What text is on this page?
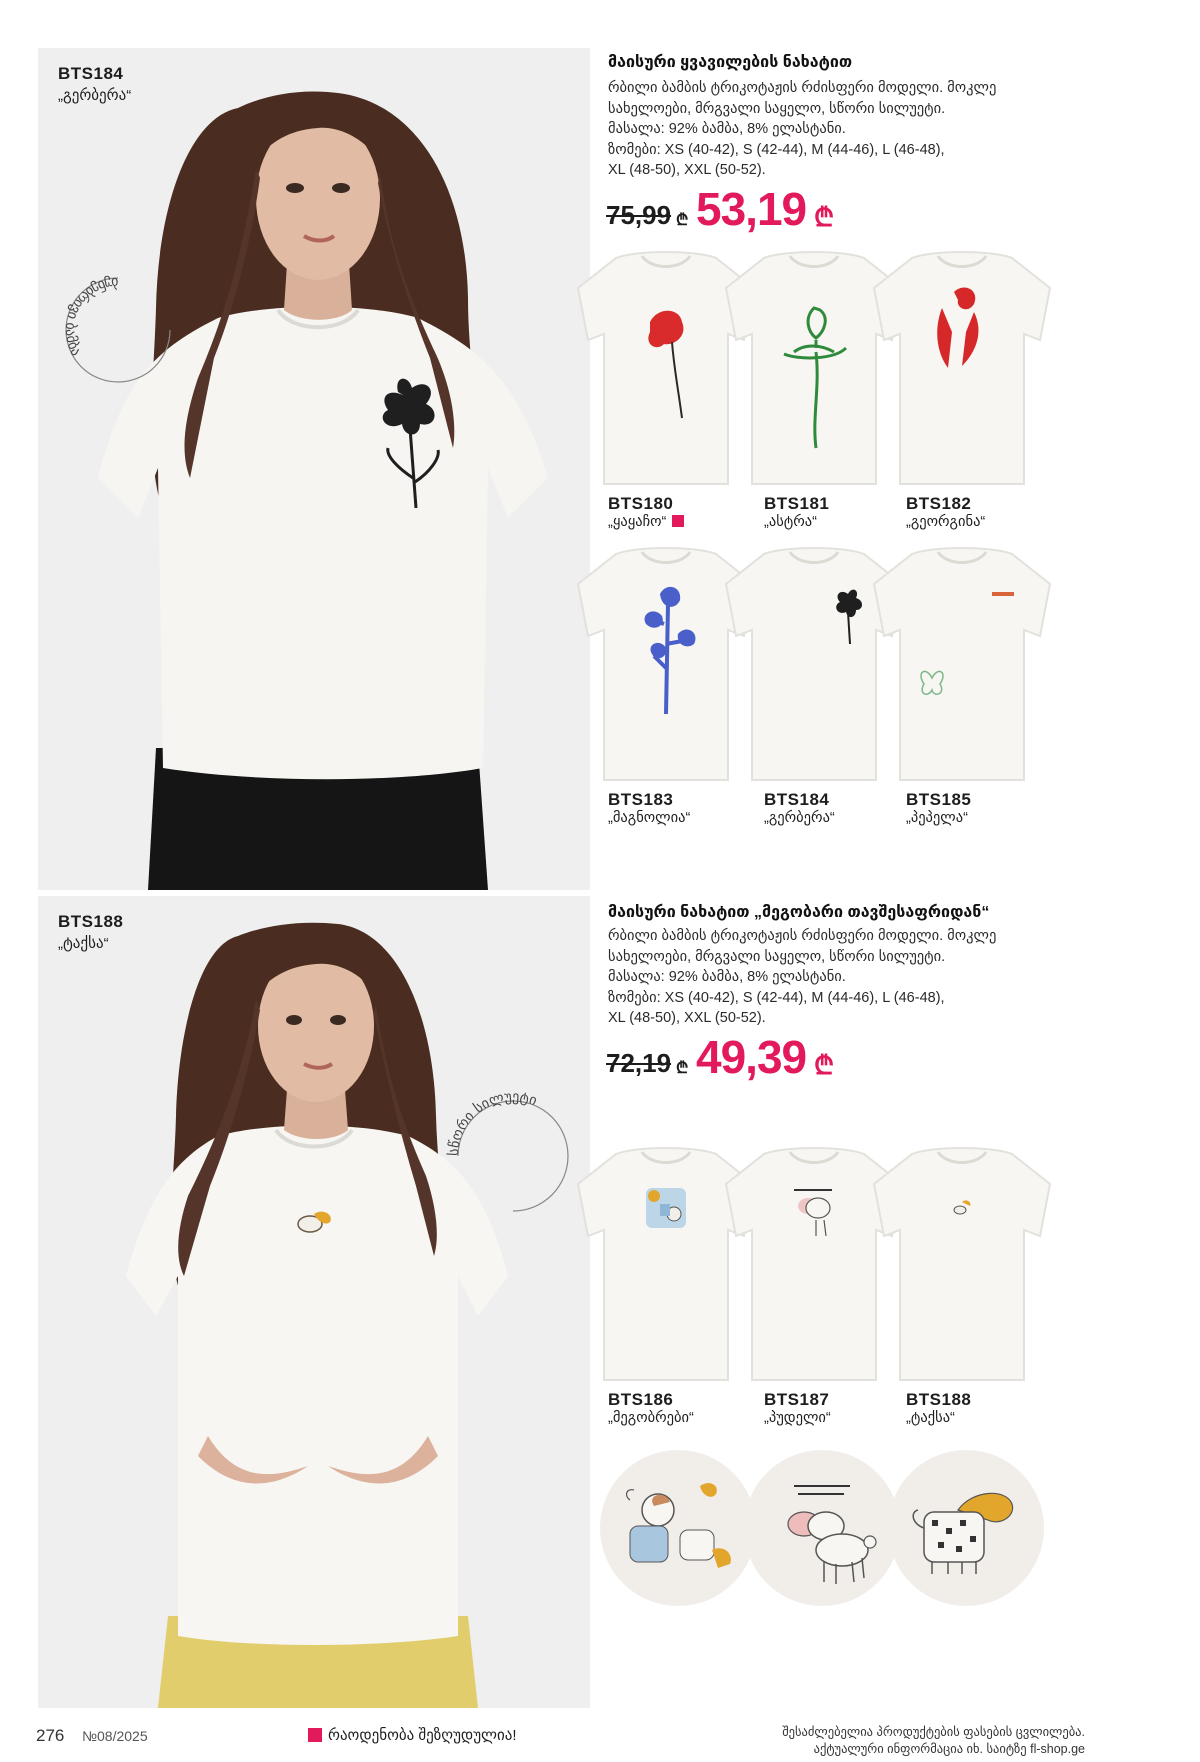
BTS184
„გერბერა“
ბუნებრივი ბამბა
მაისური ყვავილების ნახატით
რბილი ბამბის ტრიკოტაჟის რძისფერი მოდელი. მოკლე
სახელოები, მრგვალი საყელო, სწორი სილუეტი.
მასალა: 92% ბამბა, 8% ელასტანი.
ზომები: XS (40-42), S (42-44), M (44-46), L (46-48),
XL (48-50), XXL (50-52).
75,99 ₾ 53,19 ₾
BTS180
„ყაყაჩო“
BTS181
„ასტრა“
BTS182
„გეორგინა“
BTS183
„მაგნოლია“
BTS184
„გერბერა“
BTS185
„პეპელა“
BTS188
„ტაქსა“
სწორი სილუეტი
მაისური ნახატით „მეგობარი თავშესაფრიდან“
რბილი ბამბის ტრიკოტაჟის რძისფერი მოდელი. მოკლე
სახელოები, მრგვალი საყელო, სწორი სილუეტი.
მასალა: 92% ბამბა, 8% ელასტანი.
ზომები: XS (40-42), S (42-44), M (44-46), L (46-48),
XL (48-50), XXL (50-52).
72,19 ₾ 49,39 ₾
BTS186
„მეგობრები“
BTS187
„პუდელი“
BTS188
„ტაქსა“
276 №08/2025	რაოდენობა შეზღუდულია!	შესაძლებელია პროდუქტების ფასების ცვლილება.
აქტუალური ინფორმაცია იხ. საიტზე fl-shop.ge
